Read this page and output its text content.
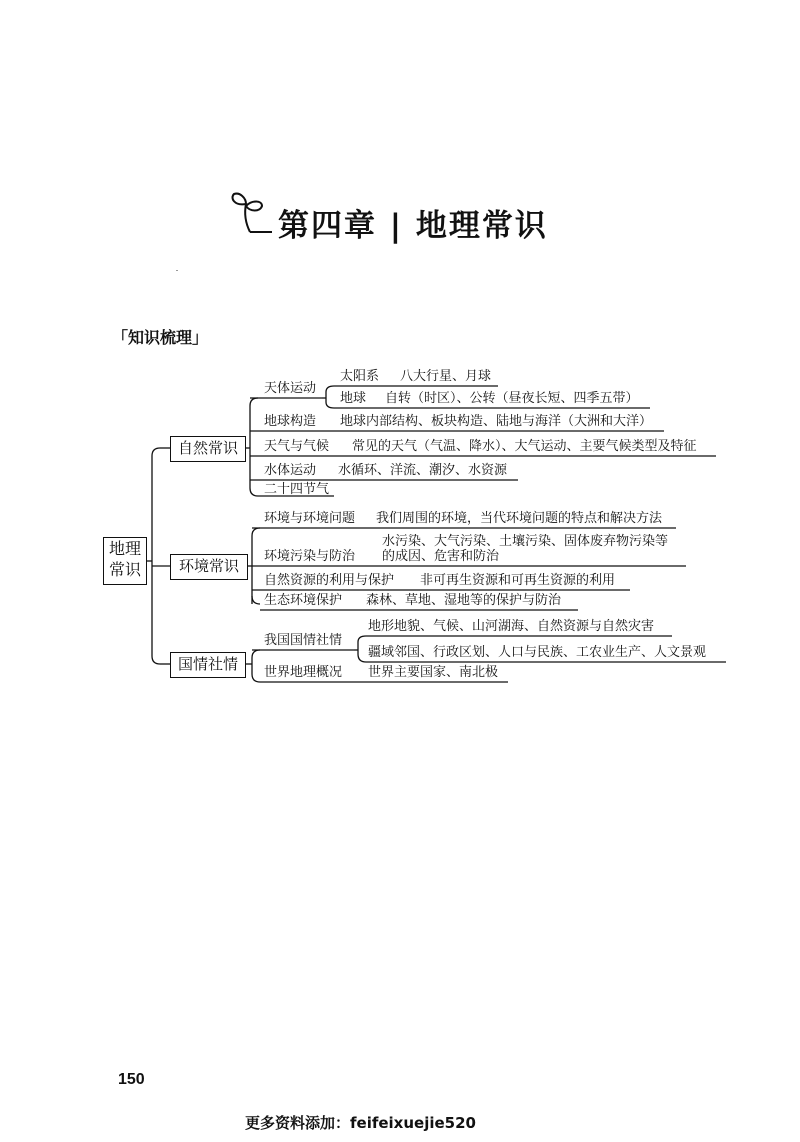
第四章 | 地理常识
「知识梳理」
地理
常识
自然常识
环境常识
国情社情
天体运动
太阳系 八大行星、月球
地球 自转（时区）、公转（昼夜长短、四季五带）
地球构造 地球内部结构、板块构造、陆地与海洋（大洲和大洋）
天气与气候 常见的天气（气温、降水）、大气运动、主要气候类型及特征
水体运动 水循环、洋流、潮汐、水资源
二十四节气
环境与环境问题 我们周围的环境，当代环境问题的特点和解决方法
环境污染与防治
水污染、大气污染、土壤污染、固体废弃物污染等
的成因、危害和防治
自然资源的利用与保护 非可再生资源和可再生资源的利用
生态环境保护 森林、草地、湿地等的保护与防治
我国国情社情
地形地貌、气候、山河湖海、自然资源与自然灾害
疆域邻国、行政区划、人口与民族、工农业生产、人文景观
世界地理概况 世界主要国家、南北极
150
更多资料添加：feifeixuejie520
